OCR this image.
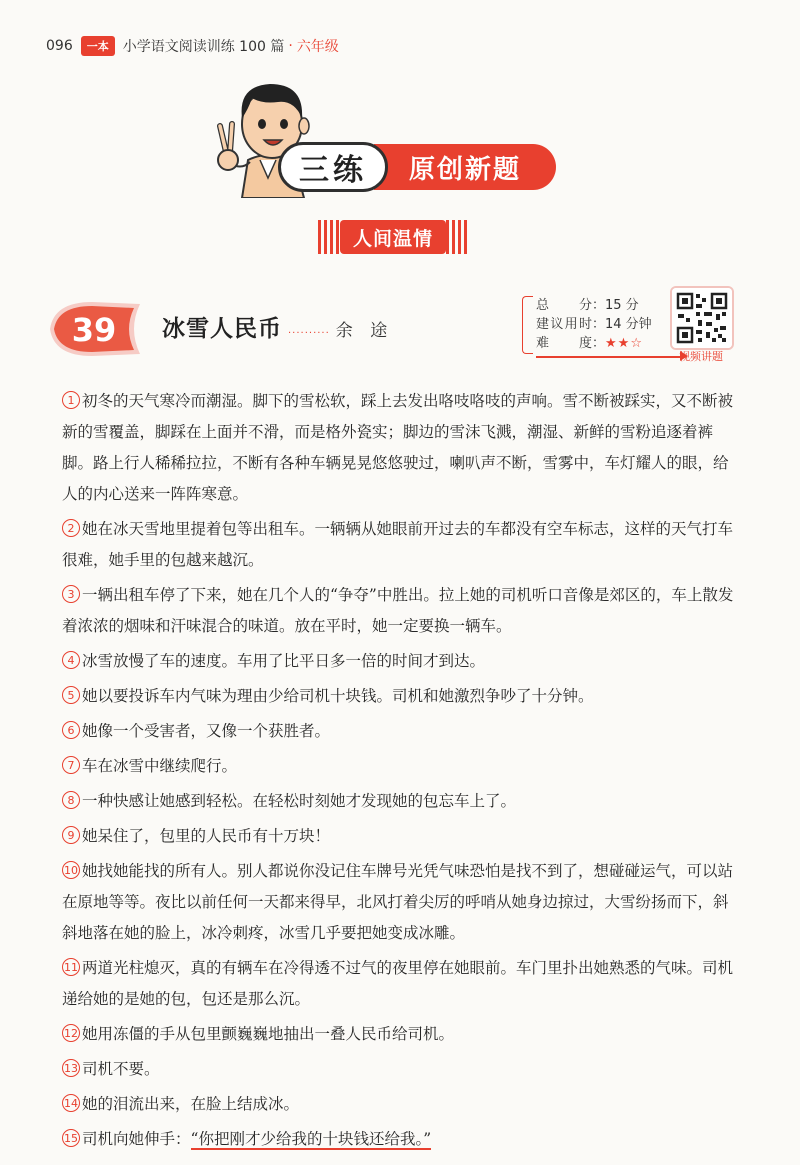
096	一本	小学语文阅读训练 100 篇 · 六年级
原创新题
三练
人间温情
39 冰雪人民币 ·········· 余 途
总 分：15 分
建议用时：14 分钟
难 度：★★☆
视频讲题

1 初冬的天气寒冷而潮湿。脚下的雪松软，踩上去发出咯吱咯吱的声响。雪不断被踩实，又不断被新的雪覆盖，脚踩在上面并不滑，而是格外瓷实；脚边的雪沫飞溅，潮湿、新鲜的雪粉追逐着裤脚。路上行人稀稀拉拉，不断有各种车辆晃晃悠悠驶过，喇叭声不断，雪雾中，车灯耀人的眼，给人的内心送来一阵阵寒意。

2 她在冰天雪地里提着包等出租车。一辆辆从她眼前开过去的车都没有空车标志，这样的天气打车很难，她手里的包越来越沉。

3 一辆出租车停了下来，她在几个人的“争夺”中胜出。拉上她的司机听口音像是郊区的，车上散发着浓浓的烟味和汗味混合的味道。放在平时，她一定要换一辆车。

4 冰雪放慢了车的速度。车用了比平日多一倍的时间才到达。

5 她以要投诉车内气味为理由少给司机十块钱。司机和她激烈争吵了十分钟。

6 她像一个受害者，又像一个获胜者。

7 车在冰雪中继续爬行。

8 一种快感让她感到轻松。在轻松时刻她才发现她的包忘车上了。

9 她呆住了，包里的人民币有十万块！

10 她找她能找的所有人。别人都说你没记住车牌号光凭气味恐怕是找不到了，想碰碰运气，可以站在原地等等。夜比以前任何一天都来得早，北风打着尖厉的呼哨从她身边掠过，大雪纷扬而下，斜斜地落在她的脸上，冰冷刺疼，冰雪几乎要把她变成冰雕。

11 两道光柱熄灭，真的有辆车在冷得透不过气的夜里停在她眼前。车门里扑出她熟悉的气味。司机递给她的是她的包，包还是那么沉。

12 她用冻僵的手从包里颤巍巍地抽出一叠人民币给司机。

13 司机不要。

14 她的泪流出来，在脸上结成冰。

15 司机向她伸手：“你把刚才少给我的十块钱还给我。”
